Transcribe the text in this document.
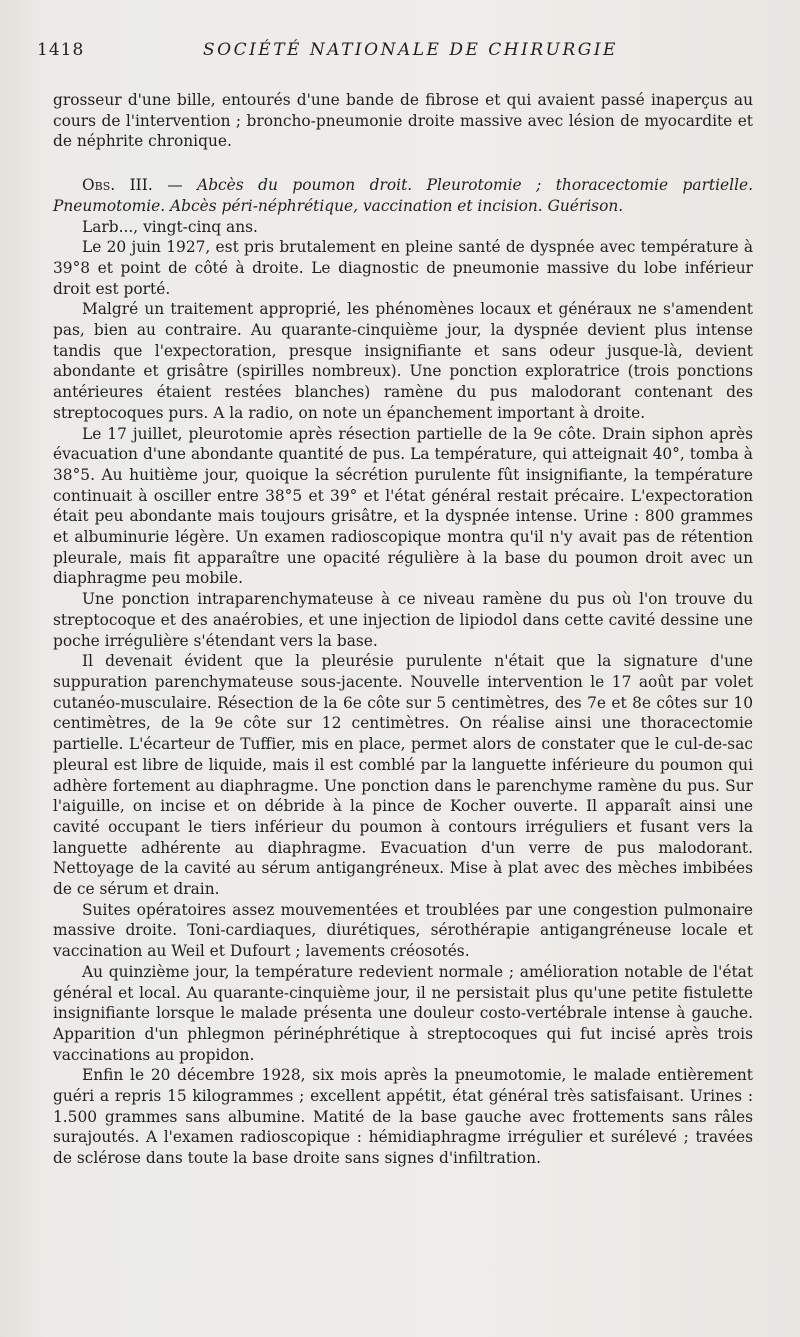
1418	SOCIÉTÉ NATIONALE DE CHIRURGIE

grosseur d'une bille, entourés d'une bande de fibrose et qui avaient passé inaperçus au cours de l'intervention ; broncho-pneumonie droite massive avec lésion de myocardite et de néphrite chronique.

Obs. III. — Abcès du poumon droit. Pleurotomie ; thoracectomie partielle. Pneumotomie. Abcès péri-néphrétique, vaccination et incision. Guérison.

Larb..., vingt-cinq ans.

Le 20 juin 1927, est pris brutalement en pleine santé de dyspnée avec température à 39°8 et point de côté à droite. Le diagnostic de pneumonie massive du lobe inférieur droit est porté.

Malgré un traitement approprié, les phénomènes locaux et généraux ne s'amendent pas, bien au contraire. Au quarante-cinquième jour, la dyspnée devient plus intense tandis que l'expectoration, presque insignifiante et sans odeur jusque-là, devient abondante et grisâtre (spirilles nombreux). Une ponction exploratrice (trois ponctions antérieures étaient restées blanches) ramène du pus malodorant contenant des streptocoques purs. A la radio, on note un épanchement important à droite.

Le 17 juillet, pleurotomie après résection partielle de la 9e côte. Drain siphon après évacuation d'une abondante quantité de pus. La température, qui atteignait 40°, tomba à 38°5. Au huitième jour, quoique la sécrétion purulente fût insignifiante, la température continuait à osciller entre 38°5 et 39° et l'état général restait précaire. L'expectoration était peu abondante mais toujours grisâtre, et la dyspnée intense. Urine : 800 grammes et albuminurie légère. Un examen radioscopique montra qu'il n'y avait pas de rétention pleurale, mais fit apparaître une opacité régulière à la base du poumon droit avec un diaphragme peu mobile.

Une ponction intraparenchymateuse à ce niveau ramène du pus où l'on trouve du streptocoque et des anaérobies, et une injection de lipiodol dans cette cavité dessine une poche irrégulière s'étendant vers la base.

Il devenait évident que la pleurésie purulente n'était que la signature d'une suppuration parenchymateuse sous-jacente. Nouvelle intervention le 17 août par volet cutanéo-musculaire. Résection de la 6e côte sur 5 centimètres, des 7e et 8e côtes sur 10 centimètres, de la 9e côte sur 12 centimètres. On réalise ainsi une thoracectomie partielle. L'écarteur de Tuffier, mis en place, permet alors de constater que le cul-de-sac pleural est libre de liquide, mais il est comblé par la languette inférieure du poumon qui adhère fortement au diaphragme. Une ponction dans le parenchyme ramène du pus. Sur l'aiguille, on incise et on débride à la pince de Kocher ouverte. Il apparaît ainsi une cavité occupant le tiers inférieur du poumon à contours irréguliers et fusant vers la languette adhérente au diaphragme. Evacuation d'un verre de pus malodorant. Nettoyage de la cavité au sérum antigangréneux. Mise à plat avec des mèches imbibées de ce sérum et drain.

Suites opératoires assez mouvementées et troublées par une congestion pulmonaire massive droite. Toni-cardiaques, diurétiques, sérothérapie antigangréneuse locale et vaccination au Weil et Dufourt ; lavements créosotés.

Au quinzième jour, la température redevient normale ; amélioration notable de l'état général et local. Au quarante-cinquième jour, il ne persistait plus qu'une petite fistulette insignifiante lorsque le malade présenta une douleur costo-vertébrale intense à gauche. Apparition d'un phlegmon périnéphrétique à streptocoques qui fut incisé après trois vaccinations au propidon.

Enfin le 20 décembre 1928, six mois après la pneumotomie, le malade entièrement guéri a repris 15 kilogrammes ; excellent appétit, état général très satisfaisant. Urines : 1.500 grammes sans albumine. Matité de la base gauche avec frottements sans râles surajoutés. A l'examen radioscopique : hémidiaphragme irrégulier et surélevé ; travées de sclérose dans toute la base droite sans signes d'infiltration.
